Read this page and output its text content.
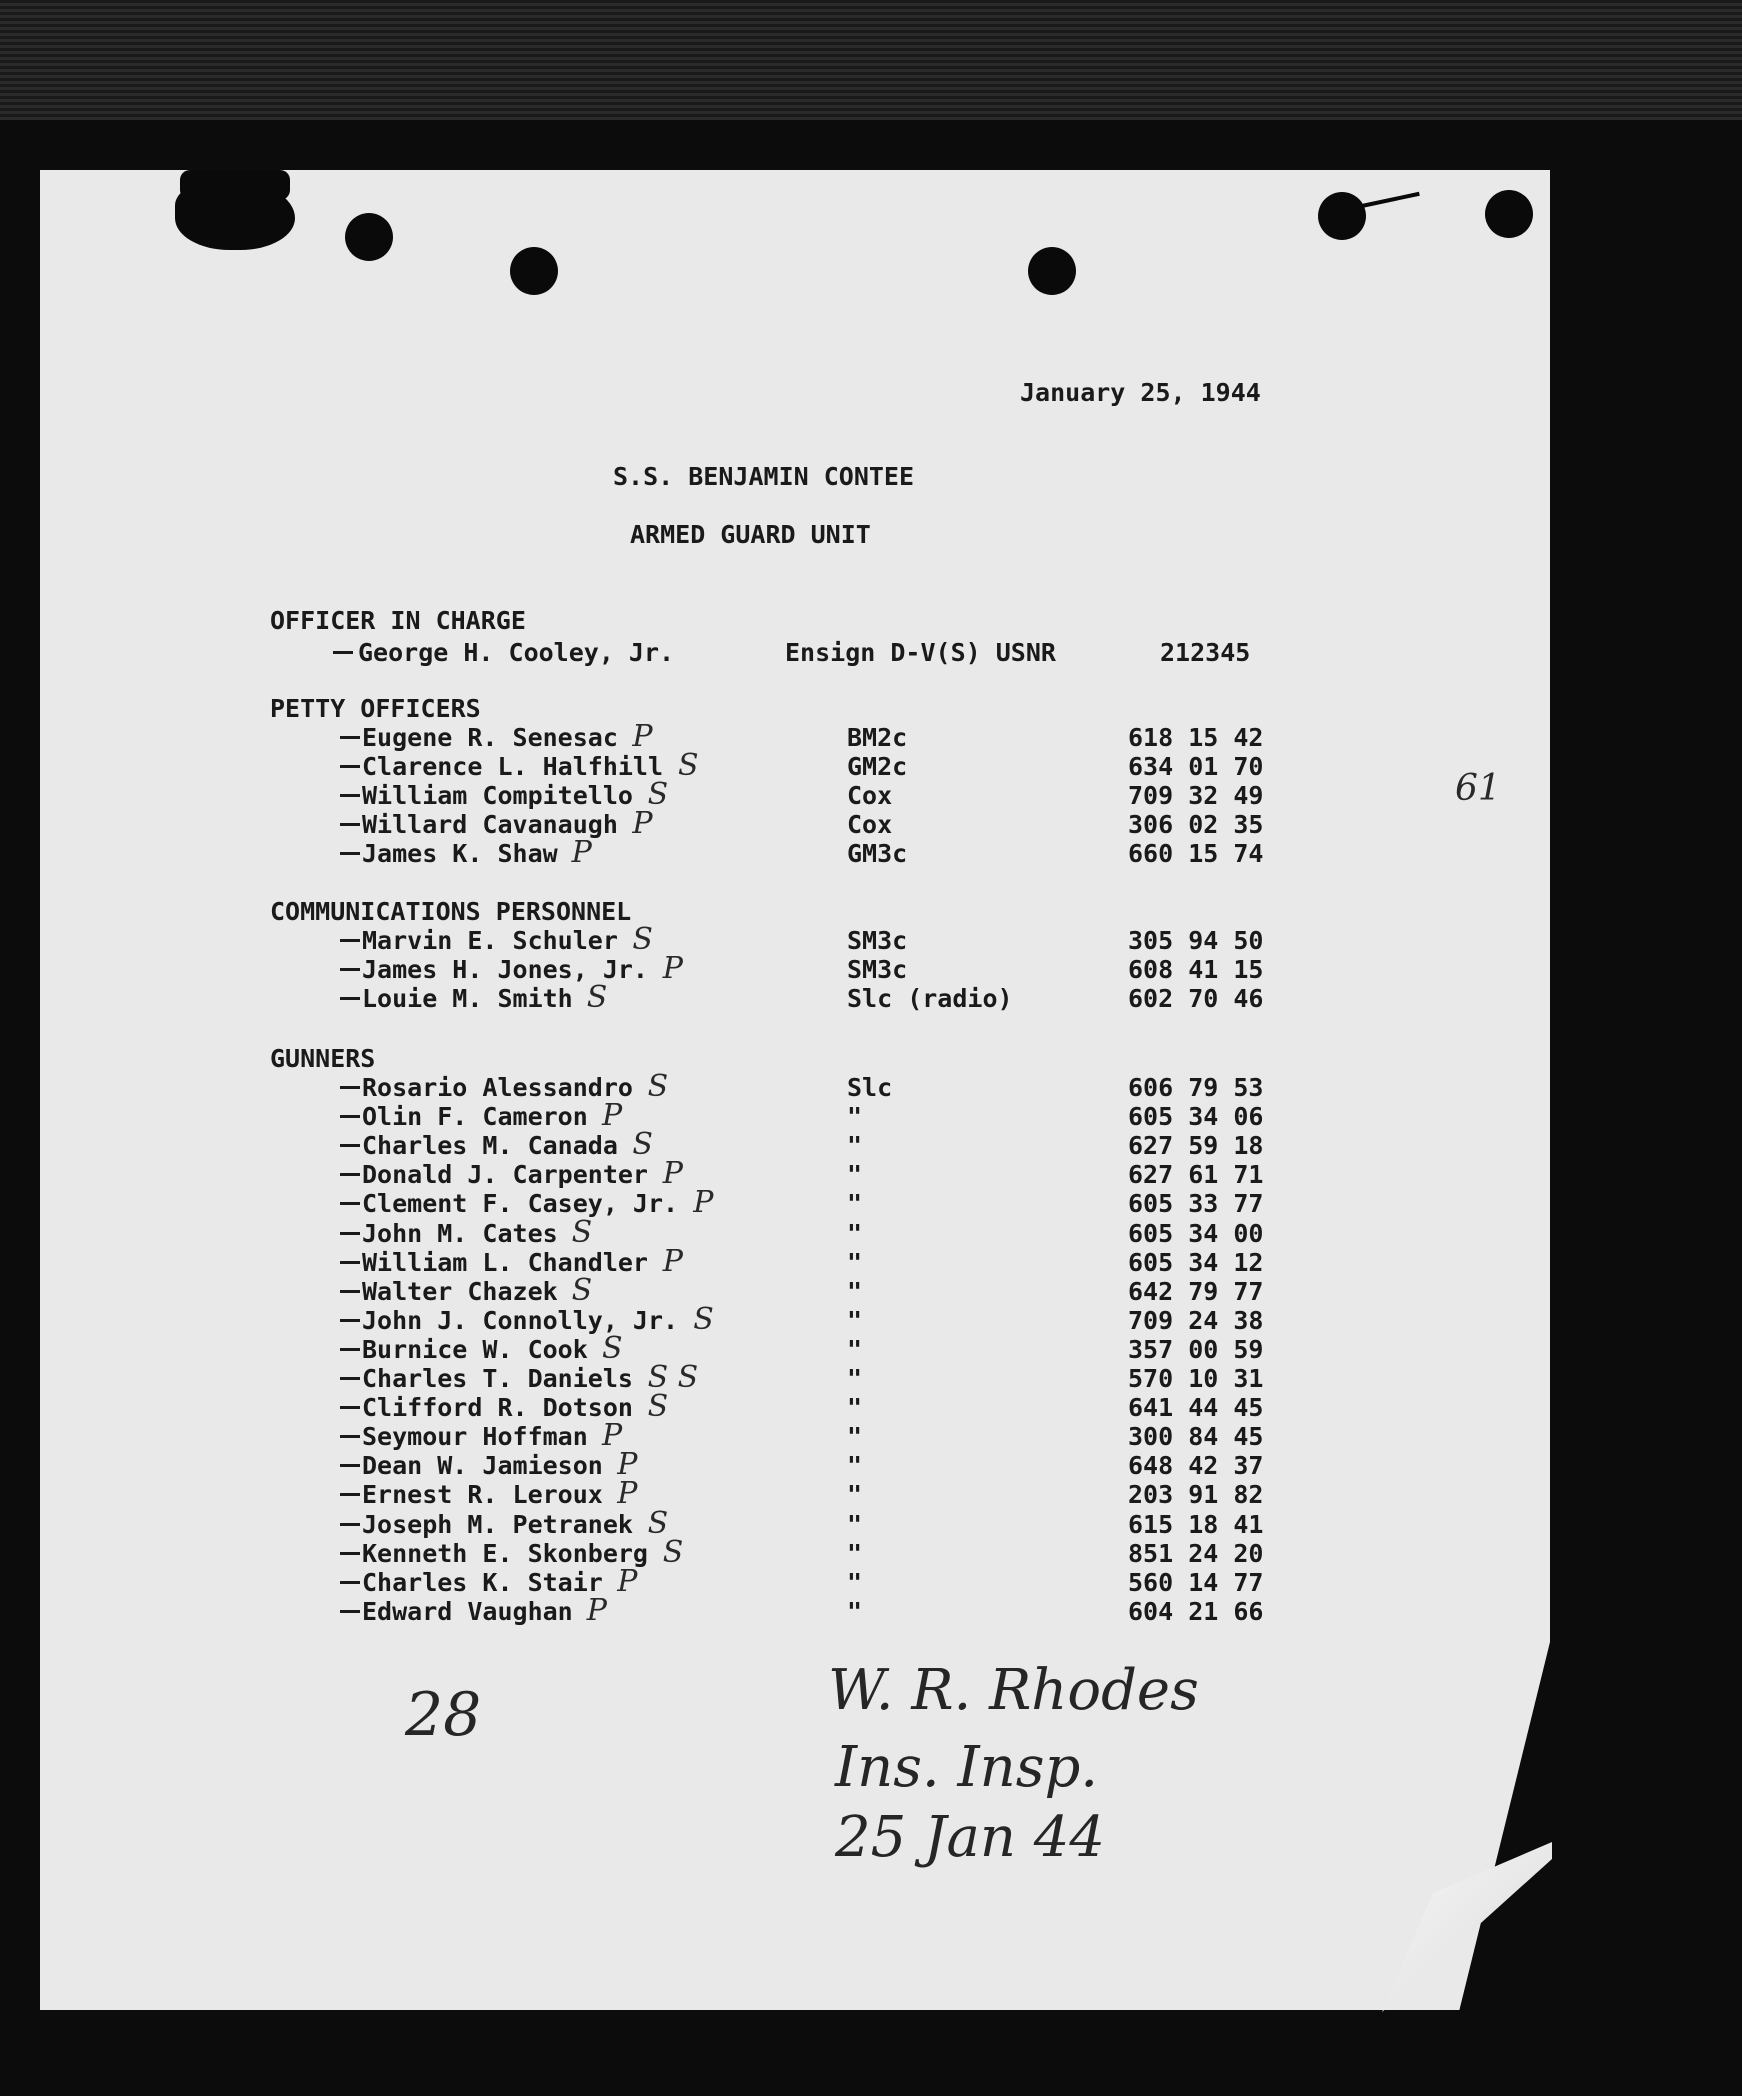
January 25, 1944
S.S. BENJAMIN CONTEE
ARMED GUARD UNIT
61
OFFICER IN CHARGE
George H. Cooley, Jr.	Ensign D-V(S) USNR	212345
PETTY OFFICERS
Eugene R. Senesac P	BM2c	618 15 42
Clarence L. Halfhill S	GM2c	634 01 70
William Compitello S	Cox	709 32 49
Willard Cavanaugh P	Cox	306 02 35
James K. Shaw P	GM3c	660 15 74
COMMUNICATIONS PERSONNEL
Marvin E. Schuler S	SM3c	305 94 50
James H. Jones, Jr. P	SM3c	608 41 15
Louie M. Smith S	Slc (radio)	602 70 46
GUNNERS
Rosario Alessandro S	Slc	606 79 53
Olin F. Cameron P	"	605 34 06
Charles M. Canada S	"	627 59 18
Donald J. Carpenter P	"	627 61 71
Clement F. Casey, Jr. P	"	605 33 77
John M. Cates S	"	605 34 00
William L. Chandler P	"	605 34 12
Walter Chazek S	"	642 79 77
John J. Connolly, Jr. S	"	709 24 38
Burnice W. Cook S	"	357 00 59
Charles T. Daniels S S	"	570 10 31
Clifford R. Dotson S	"	641 44 45
Seymour Hoffman P	"	300 84 45
Dean W. Jamieson P	"	648 42 37
Ernest R. Leroux P	"	203 91 82
Joseph M. Petranek S	"	615 18 41
Kenneth E. Skonberg S	"	851 24 20
Charles K. Stair P	"	560 14 77
Edward Vaughan P	"	604 21 66
28	W. R. Rhodes
Ins. Insp.
25 Jan 44
